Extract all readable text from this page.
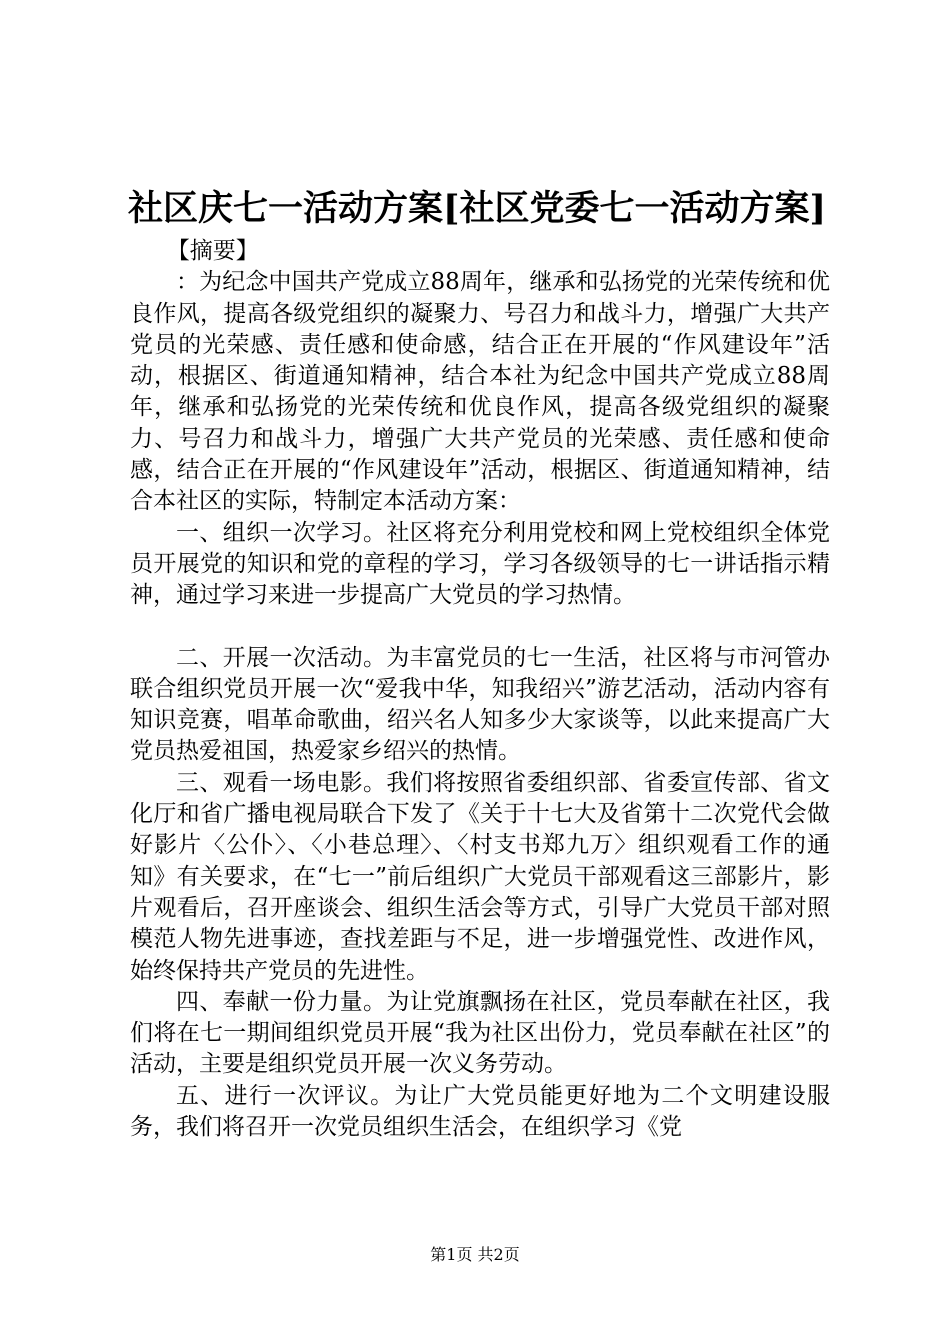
社区庆七一活动方案[社区党委七一活动方案]

【摘要】

：为纪念中国共产党成立88周年，继承和弘扬党的光荣传统和优良作风，提高各级党组织的凝聚力、号召力和战斗力，增强广大共产党员的光荣感、责任感和使命感，结合正在开展的“作风建设年”活动，根据区、街道通知精神，结合本社为纪念中国共产党成立88周年，继承和弘扬党的光荣传统和优良作风，提高各级党组织的凝聚力、号召力和战斗力，增强广大共产党员的光荣感、责任感和使命感，结合正在开展的“作风建设年”活动，根据区、街道通知精神，结合本社区的实际，特制定本活动方案：

一、组织一次学习。社区将充分利用党校和网上党校组织全体党员开展党的知识和党的章程的学习，学习各级领导的七一讲话指示精神，通过学习来进一步提高广大党员的学习热情。

二、开展一次活动。为丰富党员的七一生活，社区将与市河管办联合组织党员开展一次“爱我中华，知我绍兴”游艺活动，活动内容有知识竞赛，唱革命歌曲，绍兴名人知多少大家谈等，以此来提高广大党员热爱祖国，热爱家乡绍兴的热情。

三、观看一场电影。我们将按照省委组织部、省委宣传部、省文化厅和省广播电视局联合下发了《关于十七大及省第十二次党代会做好影片〈公仆〉、〈小巷总理〉、〈村支书郑九万〉组织观看工作的通知》有关要求，在“七一”前后组织广大党员干部观看这三部影片，影片观看后，召开座谈会、组织生活会等方式，引导广大党员干部对照模范人物先进事迹，查找差距与不足，进一步增强党性、改进作风，始终保持共产党员的先进性。

四、奉献一份力量。为让党旗飘扬在社区，党员奉献在社区，我们将在七一期间组织党员开展“我为社区出份力，党员奉献在社区”的活动，主要是组织党员开展一次义务劳动。

五、进行一次评议。为让广大党员能更好地为二个文明建设服务，我们将召开一次党员组织生活会，在组织学习《党

第1页 共2页
